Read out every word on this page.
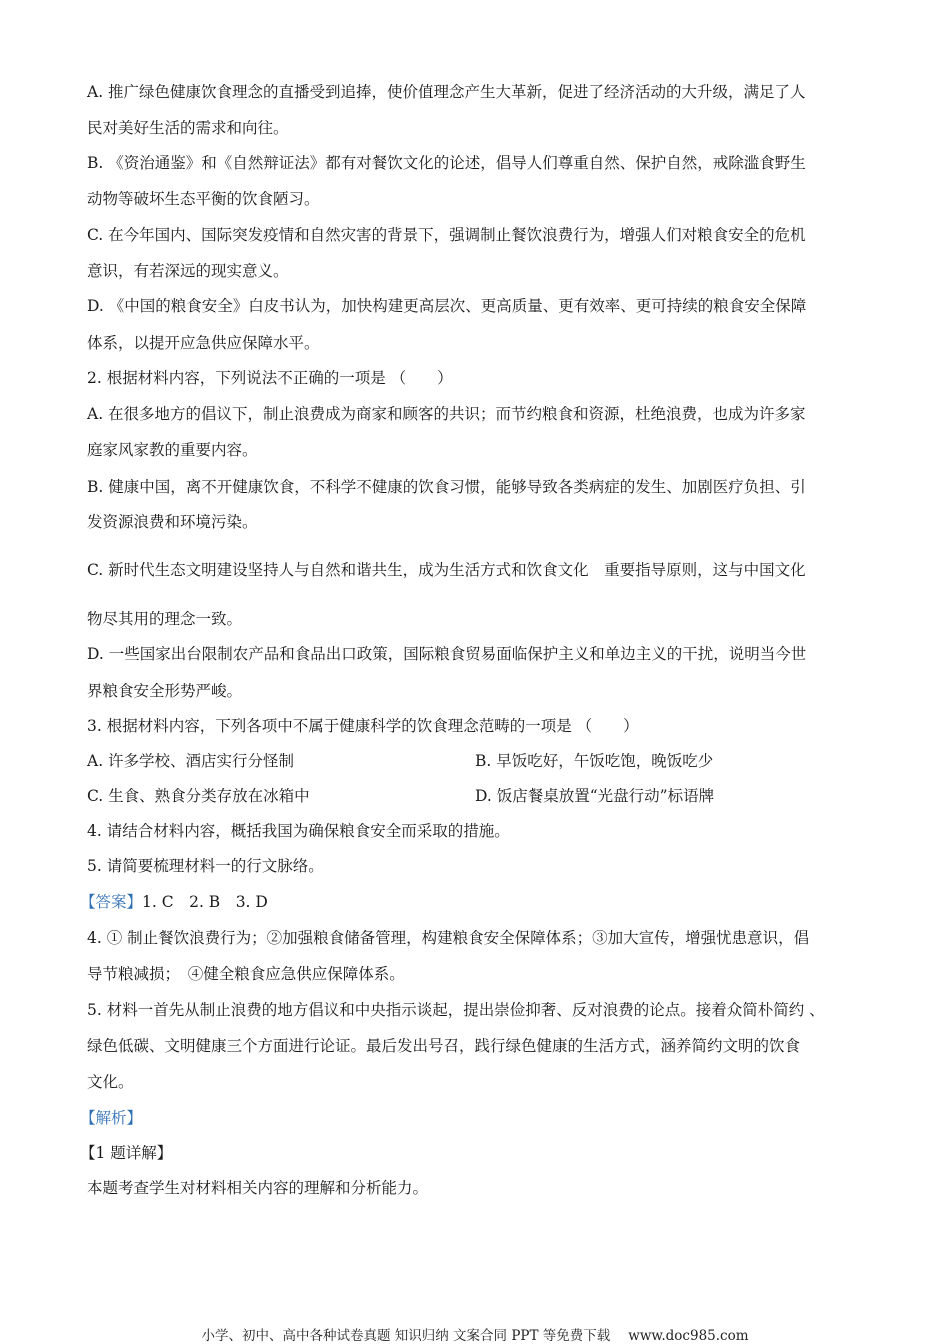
A. 推广绿色健康饮食理念的直播受到追捧，使价值理念产生大革新，促进了经济活动的大升级，满足了人
民对美好生活的需求和向往。
B. 《资治通鉴》和《自然辩证法》都有对餐饮文化的论述，倡导人们尊重自然、保护自然，戒除滥食野生
动物等破坏生态平衡的饮食陋习。
C. 在今年国内、国际突发疫情和自然灾害的背景下，强调制止餐饮浪费行为，增强人们对粮食安全的危机
意识，有若深远的现实意义。
D. 《中国的粮食安全》白皮书认为，加快构建更高层次、更高质量、更有效率、更可持续的粮食安全保障
体系，以提开应急供应保障水平。
2. 根据材料内容，下列说法不正确的一项是 （　　）
A. 在很多地方的倡议下，制止浪费成为商家和顾客的共识；而节约粮食和资源，杜绝浪费，也成为许多家
庭家风家教的重要内容。
B. 健康中国，离不开健康饮食，不科学不健康的饮食习惯，能够导致各类病症的发生、加剧医疗负担、引
发资源浪费和环境污染。
C. 新时代生态文明建设坚持人与自然和谐共生，成为生活方式和饮食文化　重要指导原则，这与中国文化
物尽其用的理念一致。
D. 一些国家出台限制农产品和食品出口政策，国际粮食贸易面临保护主义和单边主义的干扰，说明当今世
界粮食安全形势严峻。
3. 根据材料内容，下列各项中不属于健康科学的饮食理念范畴的一项是 （　　）
A. 许多学校、酒店实行分怪制	B. 早饭吃好，午饭吃饱，晚饭吃少
C. 生食、熟食分类存放在冰箱中	D. 饭店餐桌放置“光盘行动”标语牌
4. 请结合材料内容，概括我国为确保粮食安全而采取的措施。
5. 请简要梳理材料一的行文脉络。
【答案】1. C　2. B　3. D
4. ① 制止餐饮浪费行为；②加强粮食储备管理，构建粮食安全保障体系；③加大宣传，增强忧患意识，倡
导节粮减损；　④健全粮食应急供应保障体系。
5. 材料一首先从制止浪费的地方倡议和中央指示谈起，提出崇俭抑奢、反对浪费的论点。接着众简朴简约 、
绿色低碳、文明健康三个方面进行论证。最后发出号召，践行绿色健康的生活方式，涵养简约文明的饮食
文化。
【解析】
【1 题详解】
本题考查学生对材料相关内容的理解和分析能力。
小学、初中、高中各种试卷真题 知识归纳 文案合同 PPT 等免费下载 www.doc985.com
